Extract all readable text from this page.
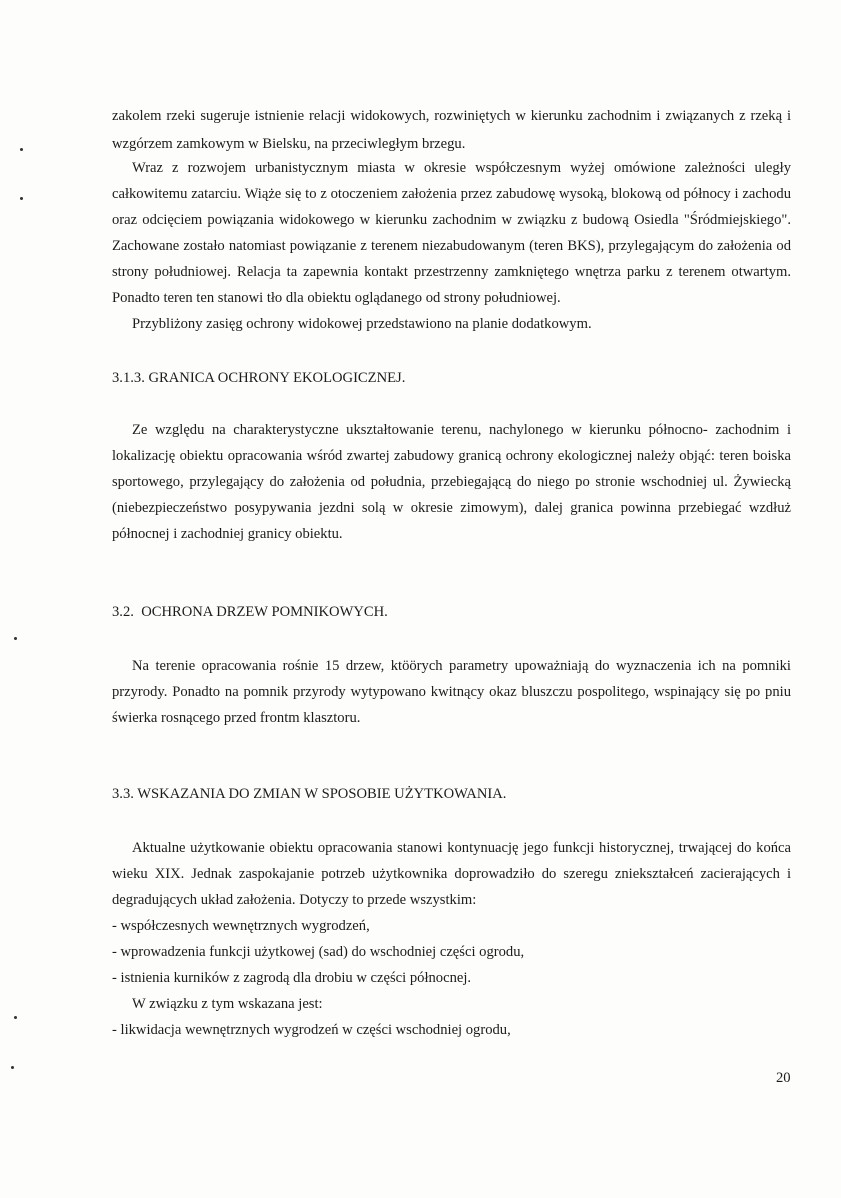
zakolem rzeki sugeruje istnienie relacji widokowych, rozwiniętych w kierunku zachodnim i związanych z rzeką i
wzgórzem zamkowym w Bielsku, na przeciwległym brzegu.
Wraz z rozwojem urbanistycznym miasta w okresie współczesnym wyżej omówione zależności uległy
całkowitemu zatarciu. Wiąże się to z otoczeniem założenia przez zabudowę wysoką, blokową od północy i zachodu
oraz odcięciem powiązania widokowego w kierunku zachodnim w związku z budową Osiedla "Śródmiejskiego".
Zachowane zostało natomiast powiązanie z terenem niezabudowanym (teren BKS), przylegającym do założenia od
strony południowej. Relacja ta zapewnia kontakt przestrzenny zamkniętego wnętrza parku z terenem otwartym.
Ponadto teren ten stanowi tło dla obiektu oglądanego od strony południowej.
Przybliżony zasięg ochrony widokowej przedstawiono na planie dodatkowym.
3.1.3. GRANICA OCHRONY EKOLOGICZNEJ.
Ze względu na charakterystyczne ukształtowanie terenu, nachylonego w kierunku północno- zachodnim i
lokalizację obiektu opracowania wśród zwartej zabudowy granicą ochrony ekologicznej należy objąć: teren boiska
sportowego, przylegający do założenia od południa, przebiegającą do niego po stronie wschodniej ul. Żywiecką
(niebezpieczeństwo posypywania jezdni solą w okresie zimowym), dalej granica powinna przebiegać wzdłuż
północnej i zachodniej granicy obiektu.
3.2.  OCHRONA DRZEW POMNIKOWYCH.
Na terenie opracowania rośnie 15 drzew, ktöörych parametry upoważniają do wyznaczenia ich na pomniki
przyrody. Ponadto na pomnik przyrody wytypowano kwitnący okaz bluszczu pospolitego, wspinający się po pniu
świerka rosnącego przed frontm klasztoru.
3.3. WSKAZANIA DO ZMIAN W SPOSOBIE UŻYTKOWANIA.
Aktualne użytkowanie obiektu opracowania stanowi kontynuację jego funkcji historycznej, trwającej do końca
wieku XIX. Jednak zaspokajanie potrzeb użytkownika doprowadziło do szeregu zniekształceń zacierających i
degradujących układ założenia. Dotyczy to przede wszystkim:
- współczesnych wewnętrznych wygrodzeń,
- wprowadzenia funkcji użytkowej (sad) do wschodniej części ogrodu,
- istnienia kurników z zagrodą dla drobiu w części północnej.
W związku z tym wskazana jest:
- likwidacja wewnętrznych wygrodzeń w części wschodniej ogrodu,
20
